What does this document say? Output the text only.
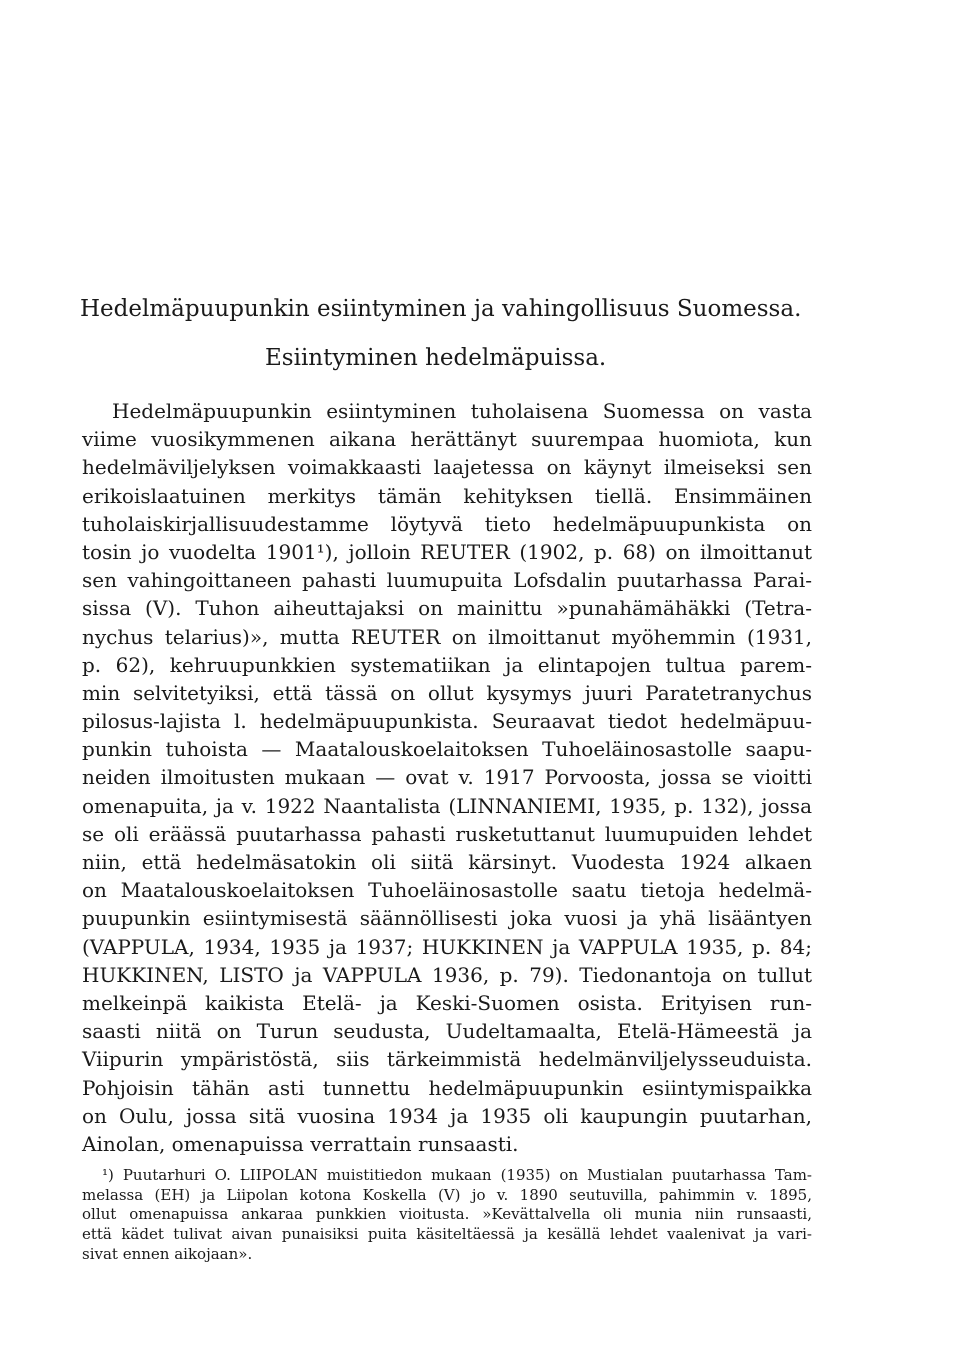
Hedelmäpuupunkin esiintyminen ja vahingollisuus Suomessa.
Esiintyminen hedelmäpuissa.
Hedelmäpuupunkin esiintyminen tuholaisena Suomessa on vasta
viime vuosikymmenen aikana herättänyt suurempaa huomiota, kun
hedelmäviljelyksen voimakkaasti laajetessa on käynyt ilmeiseksi sen
erikoislaatuinen merkitys tämän kehityksen tiellä. Ensimmäinen
tuholaiskirjallisuudestamme löytyvä tieto hedelmäpuupunkista on
tosin jo vuodelta 1901¹), jolloin REUTER (1902, p. 68) on ilmoittanut
sen vahingoittaneen pahasti luumupuita Lofsdalin puutarhassa Parai-
sissa (V). Tuhon aiheuttajaksi on mainittu »punahämähäkki (Tetra-
nychus telarius)», mutta REUTER on ilmoittanut myöhemmin (1931,
p. 62), kehruupunkkien systematiikan ja elintapojen tultua parem-
min selvitetyiksi, että tässä on ollut kysymys juuri Paratetranychus
pilosus-lajista l. hedelmäpuupunkista. Seuraavat tiedot hedelmäpuu-
punkin tuhoista — Maatalouskoelaitoksen Tuhoeläinosastolle saapu-
neiden ilmoitusten mukaan — ovat v. 1917 Porvoosta, jossa se vioitti
omenapuita, ja v. 1922 Naantalista (LINNANIEMI, 1935, p. 132), jossa
se oli eräässä puutarhassa pahasti rusketuttanut luumupuiden lehdet
niin, että hedelmäsatokin oli siitä kärsinyt. Vuodesta 1924 alkaen
on Maatalouskoelaitoksen Tuhoeläinosastolle saatu tietoja hedelmä-
puupunkin esiintymisestä säännöllisesti joka vuosi ja yhä lisääntyen
(VAPPULA, 1934, 1935 ja 1937; HUKKINEN ja VAPPULA 1935, p. 84;
HUKKINEN, LISTO ja VAPPULA 1936, p. 79). Tiedonantoja on tullut
melkeinpä kaikista Etelä- ja Keski-Suomen osista. Erityisen run-
saasti niitä on Turun seudusta, Uudeltamaalta, Etelä-Hämeestä ja
Viipurin ympäristöstä, siis tärkeimmistä hedelmänviljelysseuduista.
Pohjoisin tähän asti tunnettu hedelmäpuupunkin esiintymispaikka
on Oulu, jossa sitä vuosina 1934 ja 1935 oli kaupungin puutarhan,
Ainolan, omenapuissa verrattain runsaasti.
¹) Puutarhuri O. LIIPOLAN muistitiedon mukaan (1935) on Mustialan puutarhassa Tam-
melassa (EH) ja Liipolan kotona Koskella (V) jo v. 1890 seutuvilla, pahimmin v. 1895,
ollut omenapuissa ankaraa punkkien vioitusta. »Kevättalvella oli munia niin runsaasti,
että kädet tulivat aivan punaisiksi puita käsiteltäessä ja kesällä lehdet vaalenivat ja vari-
sivat ennen aikojaan».
